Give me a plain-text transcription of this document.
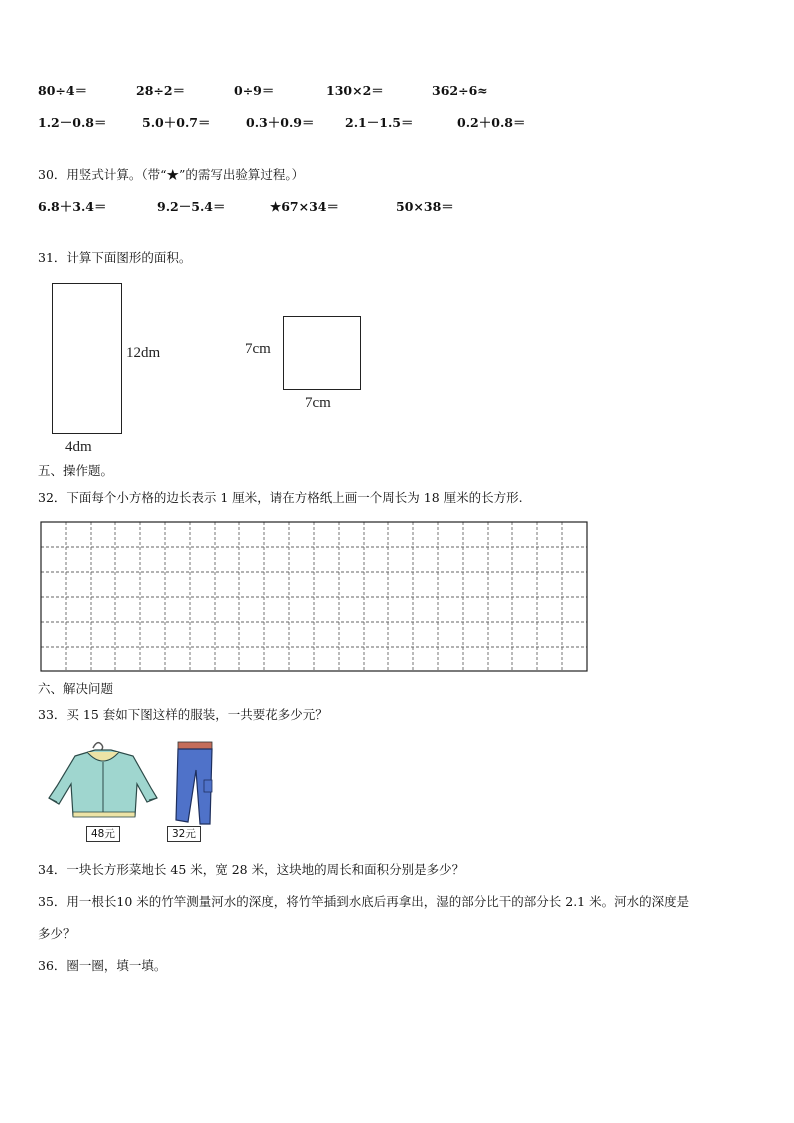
80÷4＝	28÷2＝	0÷9＝	130×2＝	362÷6≈
1.2－0.8＝	5.0＋0.7＝	0.3＋0.9＝ 2.1－1.5＝	0.2＋0.8＝
30．用竖式计算。（带“★”的需写出验算过程。）
6.8＋3.4＝	9.2－5.4＝	★67×34＝	50×38＝
31．计算下面图形的面积。
12dm
4dm
7cm
7cm
五、操作题。
32．下面每个小方格的边长表示 1 厘米，请在方格纸上画一个周长为 18 厘米的长方形.
六、解决问题
33．买 15 套如下图这样的服装，一共要花多少元？
48元	32元
34．一块长方形菜地长 45 米，宽 28 米，这块地的周长和面积分别是多少？
35．用一根长10 米的竹竿测量河水的深度，将竹竿插到水底后再拿出，湿的部分比干的部分长 2.1 米。河水的深度是
多少？
36．圈一圈，填一填。
